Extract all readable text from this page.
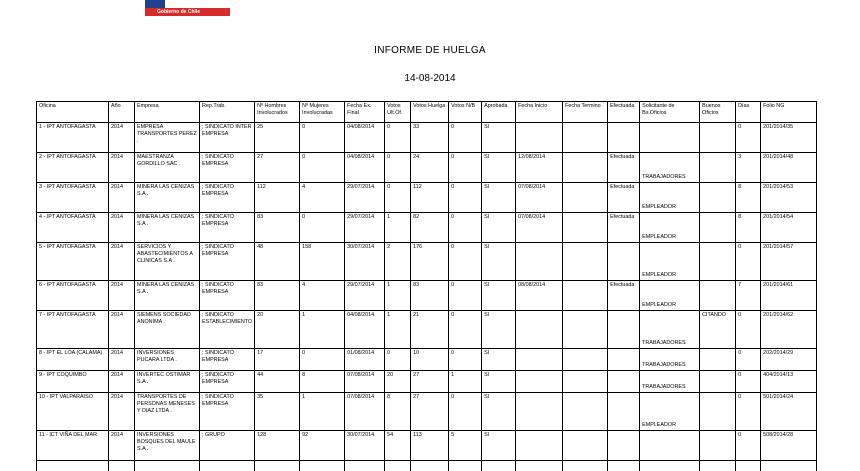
Gobierno de Chile
INFORME DE HUELGA
14-08-2014
Oficina	Año	Empresa	Rep.Trab.	Nº Hombres Involucrados	Nº Mujeres Involucradas	Fecha Ex. Final	Votos Ult.Of.	Votos Huelga	Votos N/B	Aprobada	Fecha Inicio	Fecha Termino	Efectuada	Solicitante de Bs.Oficios	Buenos Oficios	Días	Folio NG
1 - IPT ANTOFAGASTA	2014	EMPRESA TRANSPORTES PEREZ .	; SINDICATO INTER EMPRESA	25	0	04/08/2014	0	33	0	SI						0	201/2014/35
2 - IPT ANTOFAGASTA	2014	MAESTRANZA GORDILLO SAC .	; SINDICATO EMPRESA	27	0	04/08/2014	0	24	0	SI	12/08/2014		Efectuada	TRABAJADORES		3	201/2014/48
3 - IPT ANTOFAGASTA	2014	MINERA LAS CENIZAS S.A .	; SINDICATO EMPRESA	112	4	29/07/2014	0	112	0	SI	07/08/2014		Efectuada	EMPLEADOR		8	201/2014/53
4 - IPT ANTOFAGASTA	2014	MINERA LAS CENIZAS S.A .	; SINDICATO EMPRESA	83	0	29/07/2014	1	82	0	SI	07/08/2014		Efectuada	EMPLEADOR		8	201/2014/54
5 - IPT ANTOFAGASTA	2014	SERVICIOS Y ABASTECIMIENTOS A CLINICAS S.A .	; SINDICATO EMPRESA	48	158	30/07/2014	2	176	0	SI				EMPLEADOR		0	201/2014/57
6 - IPT ANTOFAGASTA	2014	MINERA LAS CENIZAS S.A .	; SINDICATO EMPRESA	83	4	29/07/2014	1	83	0	SI	08/08/2014		Efectuada	EMPLEADOR		7	201/2014/61
7 - IPT ANTOFAGASTA	2014	SIEMENS SOCIEDAD ANONIMA .	; SINDICATO ESTABLECIMIENTO	20	1	04/08/2014	1	21	0	SI				TRABAJADORES	CITANDO	0	201/2014/62
8 - IPT EL LOA (CALAMA)	2014	INVERSIONES PUCARA LTDA .	; SINDICATO EMPRESA	17	0	01/08/2014	0	10	0	SI				TRABAJADORES		0	202/2014/29
9 - IPT COQUIMBO	2014	INVERTEC OSTIMAR S.A .	; SINDICATO EMPRESA	44	8	07/08/2014	20	27	1	SI				TRABAJADORES		0	404/2014/13
10 - IPT VALPARAISO	2014	TRANSPORTES DE PERSONAS MENESES Y DIAZ LTDA .	; SINDICATO EMPRESA	35	1	07/08/2014	8	27	0	SI				EMPLEADOR		0	501/2014/24
11 - ICT VIÑA DEL MAR	2014	INVERSIONES BOSQUES DEL MAULE S.A .	; GRUPO	128	92	30/07/2014	54	113	5	SI						0	508/2014/28
